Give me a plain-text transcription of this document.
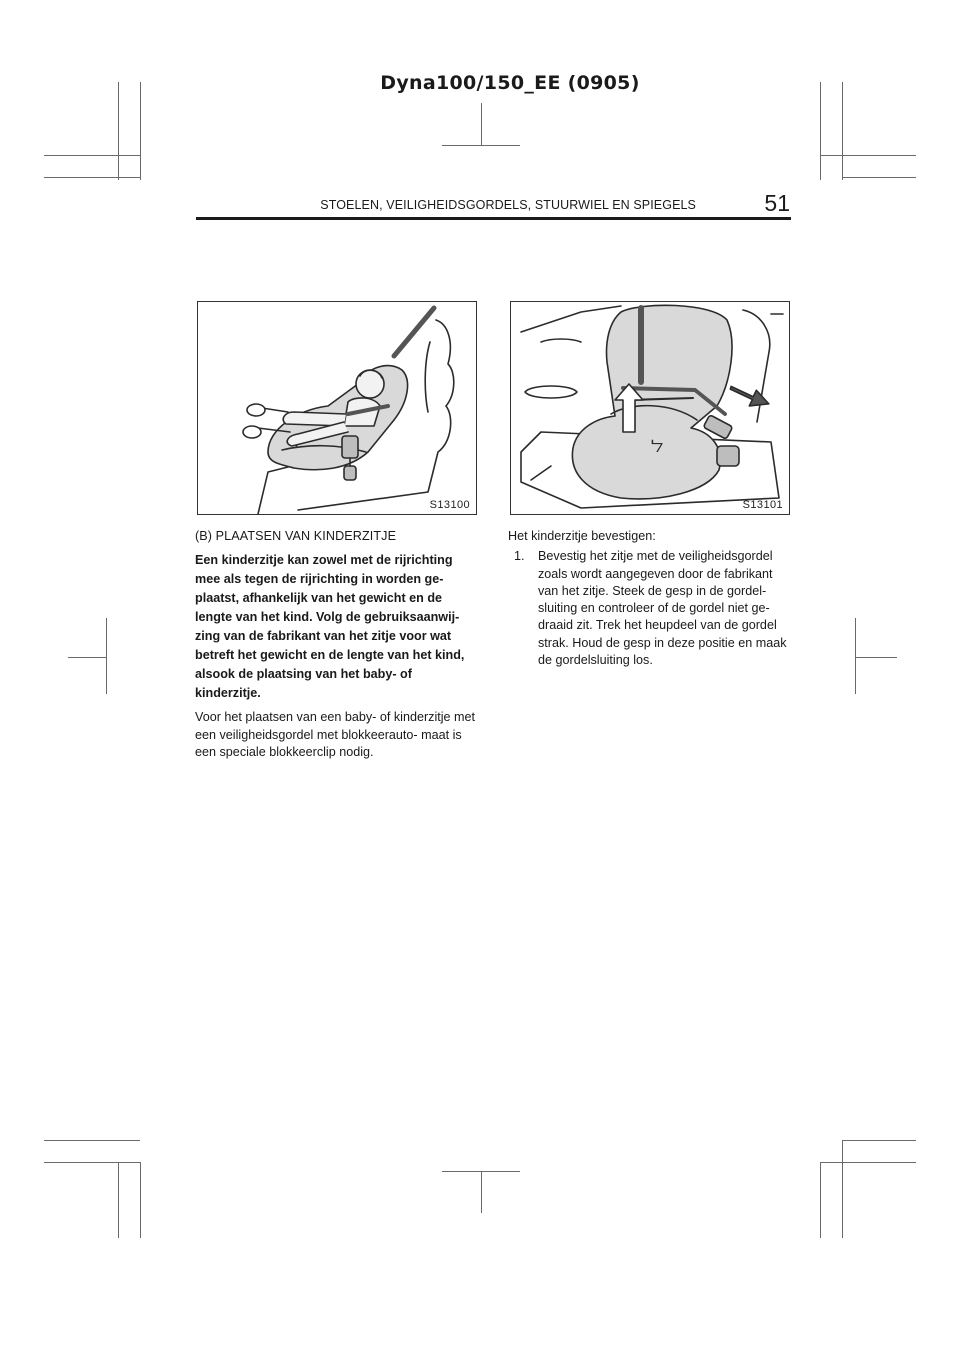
Dyna100/150_EE (0905)
STOELEN, VEILIGHEIDSGORDELS, STUURWIEL EN SPIEGELS	51
S13100
ﬥ
S13101

(B) PLAATSEN VAN KINDERZITJE

Een kinderzitje kan zowel met de rijrichting mee als tegen de rijrichting in worden ge- plaatst, afhankelijk van het gewicht en de lengte van het kind. Volg de gebruiksaanwij- zing van de fabrikant van het zitje voor wat betreft het gewicht en de lengte van het kind, alsook de plaatsing van het baby- of kinderzitje.

Voor het plaatsen van een baby‑ of kinderzitje met een veiligheidsgordel met blokkeerauto- maat is een speciale blokkeerclip nodig.

Het kinderzitje bevestigen:

1.	Bevestig het zitje met de veiligheidsgordel zoals wordt aangegeven door de fabrikant van het zitje. Steek de gesp in de gordel- sluiting en controleer of de gordel niet ge- draaid zit. Trek het heupdeel van de gordel strak. Houd de gesp in deze positie en maak de gordelsluiting los.
